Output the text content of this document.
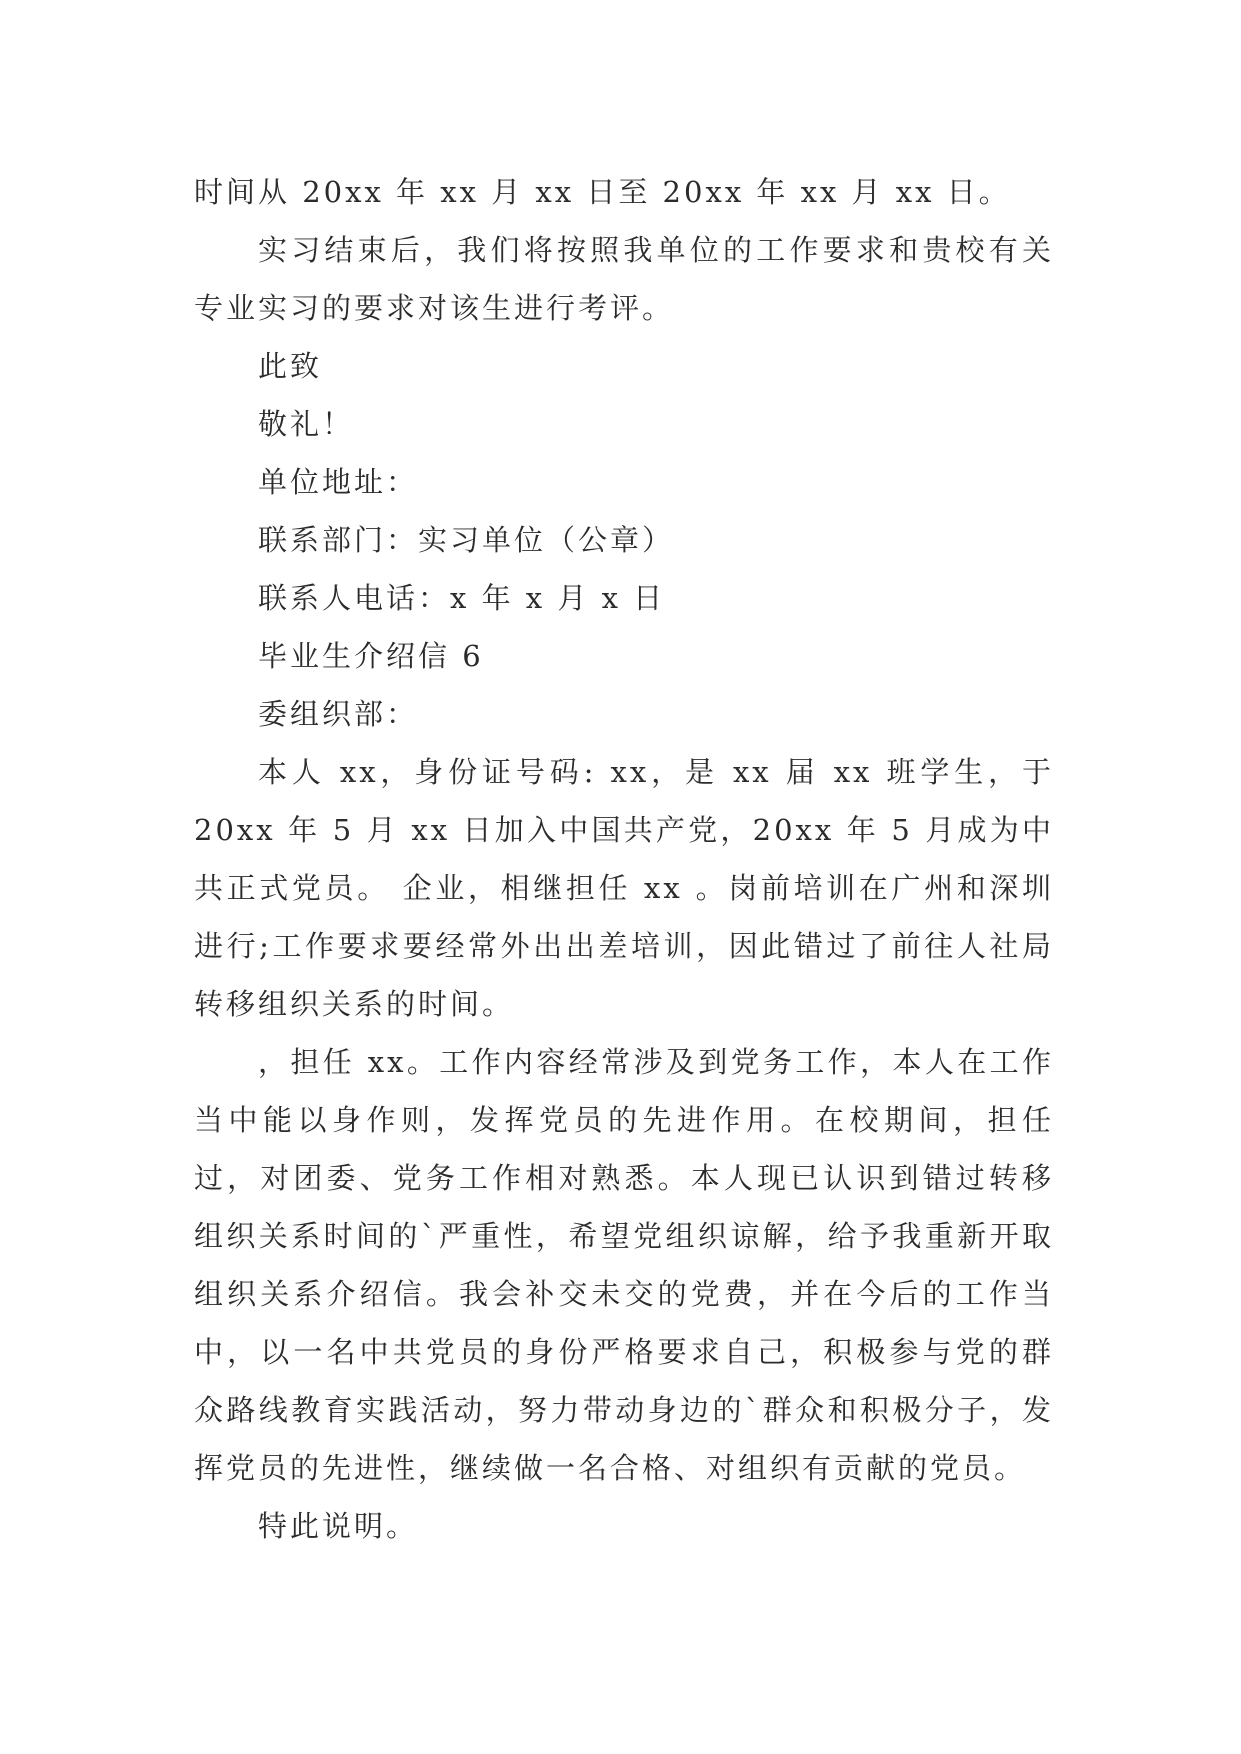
时间从 20xx 年 xx 月 xx 日至 20xx 年 xx 月 xx 日。

实习结束后，我们将按照我单位的工作要求和贵校有关专业实习的要求对该生进行考评。

此致

敬礼！

单位地址：

联系部门：实习单位（公章）

联系人电话：x 年 x 月 x 日

毕业生介绍信 6

委组织部：

本人 xx，身份证号码: xx，是 xx 届 xx 班学生，于 20xx 年 5 月 xx 日加入中国共产党，20xx 年 5 月成为中共正式党员。 企业，相继担任 xx 。岗前培训在广州和深圳进行;工作要求要经常外出出差培训，因此错过了前往人社局转移组织关系的时间。

，担任 xx。工作内容经常涉及到党务工作，本人在工作当中能以身作则，发挥党员的先进作用。在校期间，担任过，对团委、党务工作相对熟悉。本人现已认识到错过转移组织关系时间的`严重性，希望党组织谅解，给予我重新开取组织关系介绍信。我会补交未交的党费，并在今后的工作当中，以一名中共党员的身份严格要求自己，积极参与党的群众路线教育实践活动，努力带动身边的`群众和积极分子，发挥党员的先进性，继续做一名合格、对组织有贡献的党员。

特此说明。
